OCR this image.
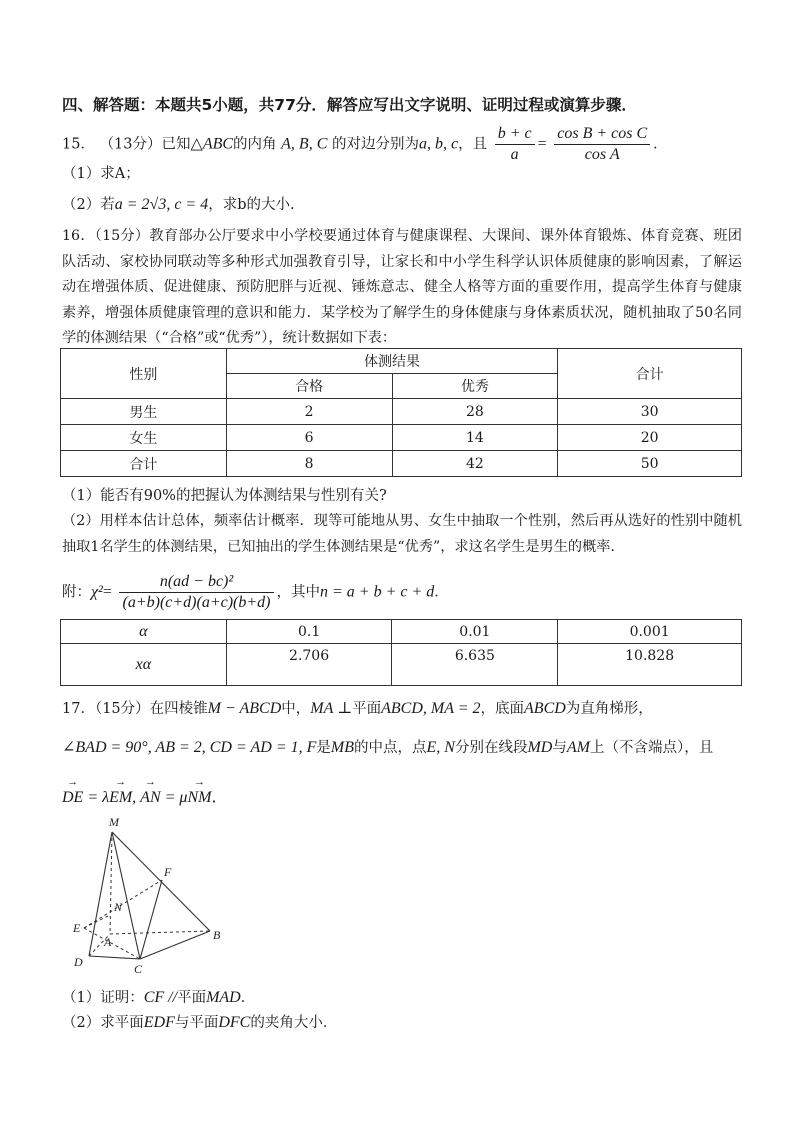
四、解答题：本题共5小题，共77分．解答应写出文字说明、证明过程或演算步骤．
15． （13分）已知△ABC的内角 A, B, C 的对边分别为a, b, c，且 $\frac{b + c}{a} = \frac{\text{cos B + cos C}}{\text{cos A}}$ ．
（1）求A；
（2）若a = 2√3, c = 4，求b的大小.
16．（15分）教育部办公厅要求中小学校要通过体育与健康课程、大课间、课外体育锻炼、体育竞赛、班团队活动、家校协同联动等多种形式加强教育引导，让家长和中小学生科学认识体质健康的影响因素，了解运动在增强体质、促进健康、预防肥胖与近视、锤炼意志、健全人格等方面的重要作用，提高学生体育与健康素养，增强体质健康管理的意识和能力．某学校为了解学生的身体健康与身体素质状况，随机抽取了50名同学的体测结果（“合格”或“优秀”），统计数据如下表：
性别	体测结果		合计
	合格	优秀	
男生	2	28	30
女生	6	14	20
合计	8	42	50
（1）能否有90%的把握认为体测结果与性别有关?
（2）用样本估计总体，频率估计概率．现等可能地从男、女生中抽取一个性别，然后再从选好的性别中随机抽取1名学生的体测结果，已知抽出的学生体测结果是“优秀”，求这名学生是男生的概率．
附：$\chi^2= \frac{\text{n(ad − bc)²}}{(a+b)(c+d)(a+c)(b+d)}$ ，其中n = a + b + c + d．
α	0.1	0.01	0.001
xα	2.706	6.635	10.828
17．（15分）在四棱锥M − ABCD中，MA ⊥平面ABCD, MA = 2，底面ABCD为直角梯形，
∠BAD = 90°, AB = 2, CD = AD = 1, F是MB的中点，点E, N分别在线段MD与AM上（不含端点），且
→ DE = λ→ EM, → AN = μ→ NM．
M
F
N
E
A
D	C
B
（1）证明：CF //平面MAD．
（2）求平面EDF与平面DFC的夹角大小．
